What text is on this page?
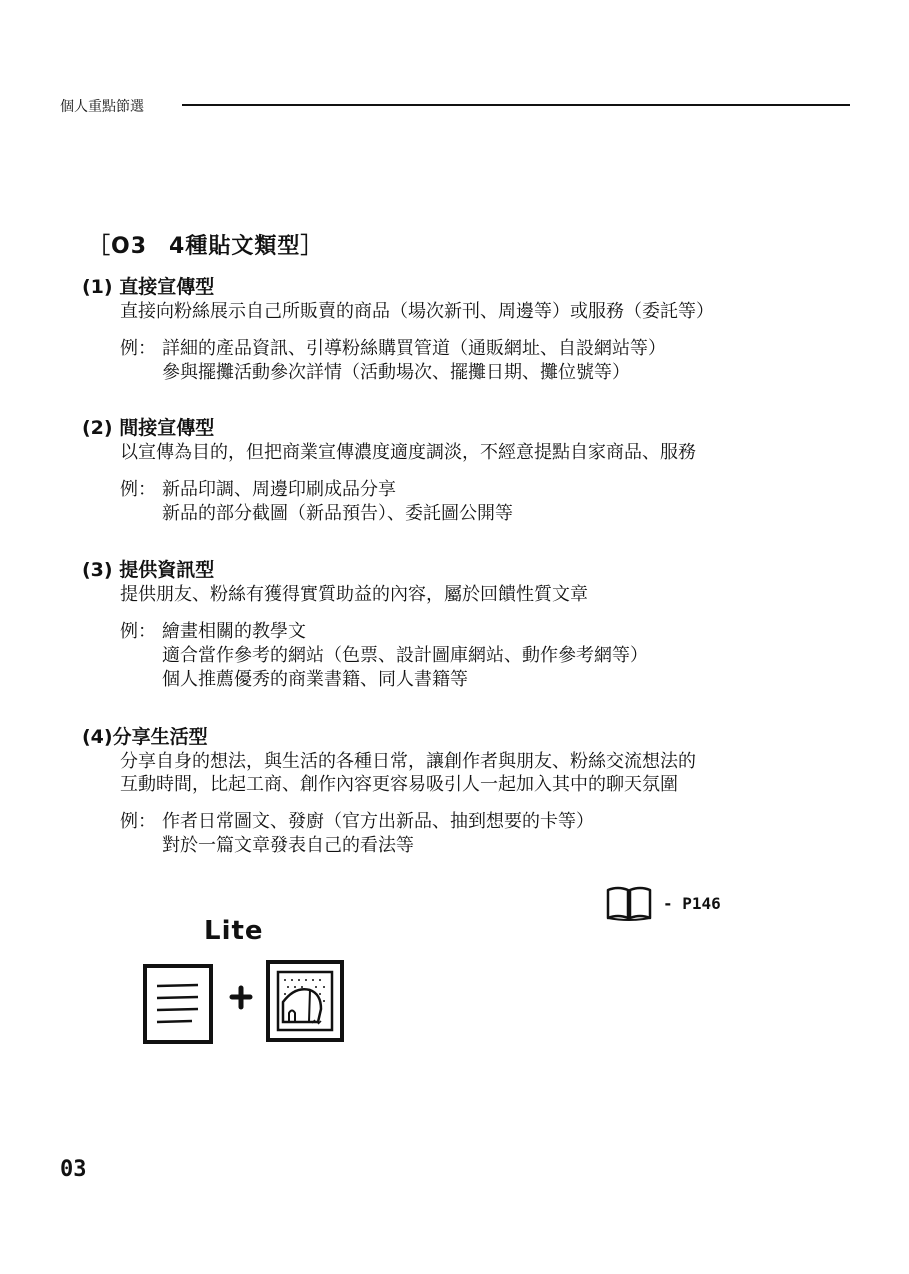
個人重點節選
［O3 4種貼文類型］
(1) 直接宣傳型
直接向粉絲展示自己所販賣的商品（場次新刊、周邊等）或服務（委託等）
例： 詳細的產品資訊、引導粉絲購買管道（通販網址、自設網站等）
參與擺攤活動參次詳情（活動場次、擺攤日期、攤位號等）
(2) 間接宣傳型
以宣傳為目的，但把商業宣傳濃度適度調淡，不經意提點自家商品、服務
例： 新品印調、周邊印刷成品分享
新品的部分截圖（新品預告）、委託圖公開等
(3) 提供資訊型
提供朋友、粉絲有獲得實質助益的內容，屬於回饋性質文章
例： 繪畫相關的教學文
適合當作參考的網站（色票、設計圖庫網站、動作參考網等）
個人推薦優秀的商業書籍、同人書籍等
(4)分享生活型
分享自身的想法，與生活的各種日常，讓創作者與朋友、粉絲交流想法的
互動時間，比起工商、創作內容更容易吸引人一起加入其中的聊天氛圍
例： 作者日常圖文、發廚（官方出新品、抽到想要的卡等）
對於一篇文章發表自己的看法等
- P146
Lite
03
